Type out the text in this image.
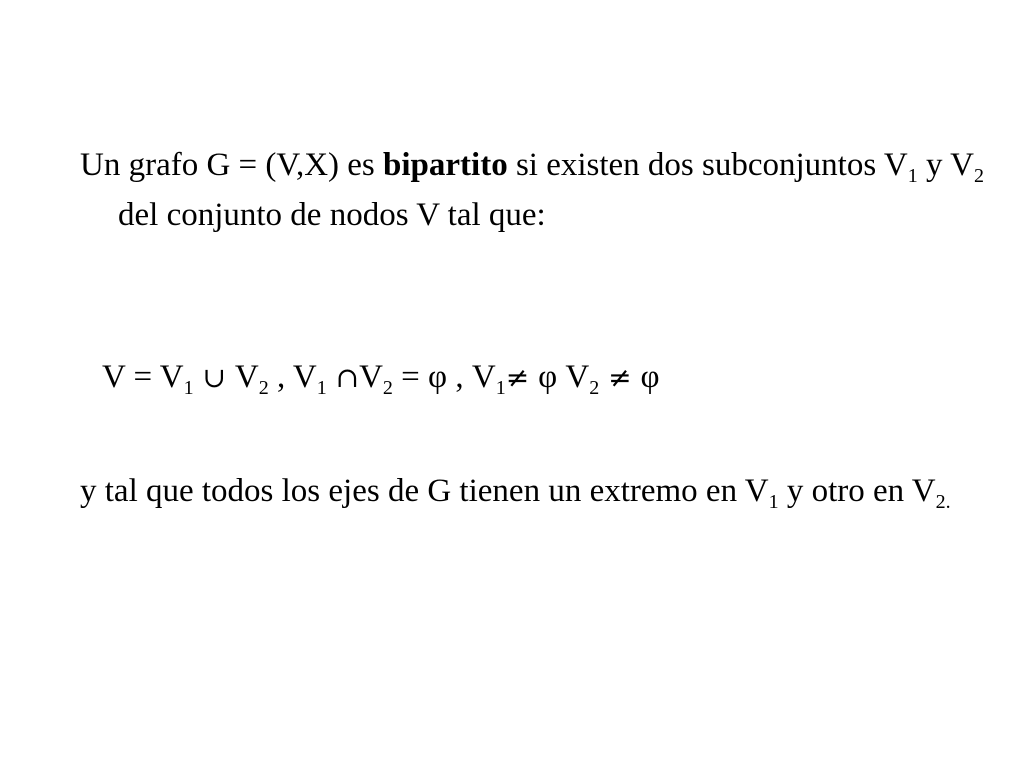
Un grafo G = (V,X) es bipartito si existen dos subconjuntos $V_1$ y $V_2$ del conjunto de nodos V tal que:
$V = V_1$ ∪ $V_2$ , $V_1$ $\cap V_2 = \varphi$ , $V_1\ne \varphi$ $V_2 \ne \varphi$
y tal que todos los ejes de G tienen un extremo en $V_1$ y otro en $V_{2.}$
